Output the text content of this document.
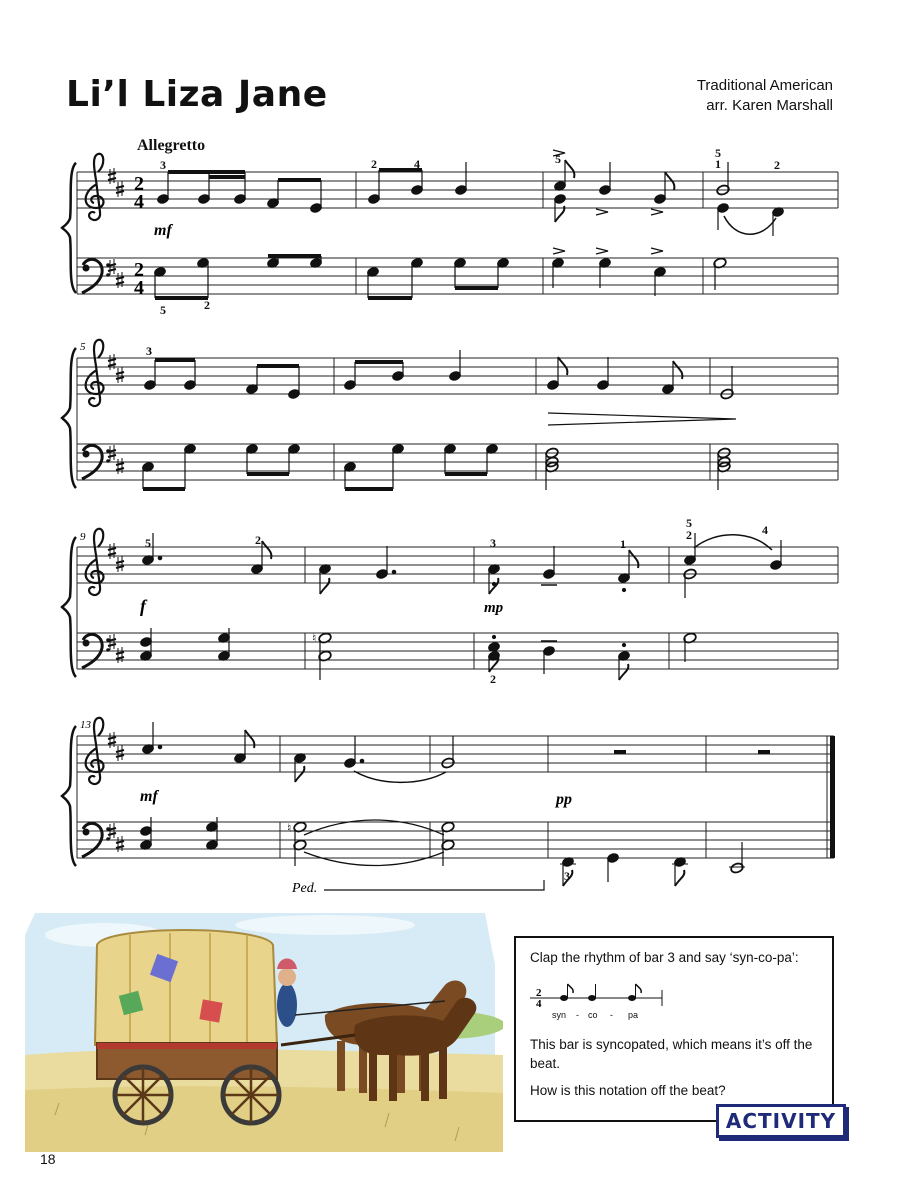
Li’l Liza Jane	Traditional American
arr. Karen Marshall
Allegretto
2
4
2
4
3	2	4	5	5
1	2
5	2
mf
5	3
9	5	2	3	1
5
2	4
2
f	mp
♮
13
mf	pp
♮
3
Ped.
Clap the rhythm of bar 3 and say ‘syn-co-pa’:
2
4
syn - co - pa
This bar is syncopated, which means it’s off the beat.
How is this notation off the beat?
ACTIVITY
18
